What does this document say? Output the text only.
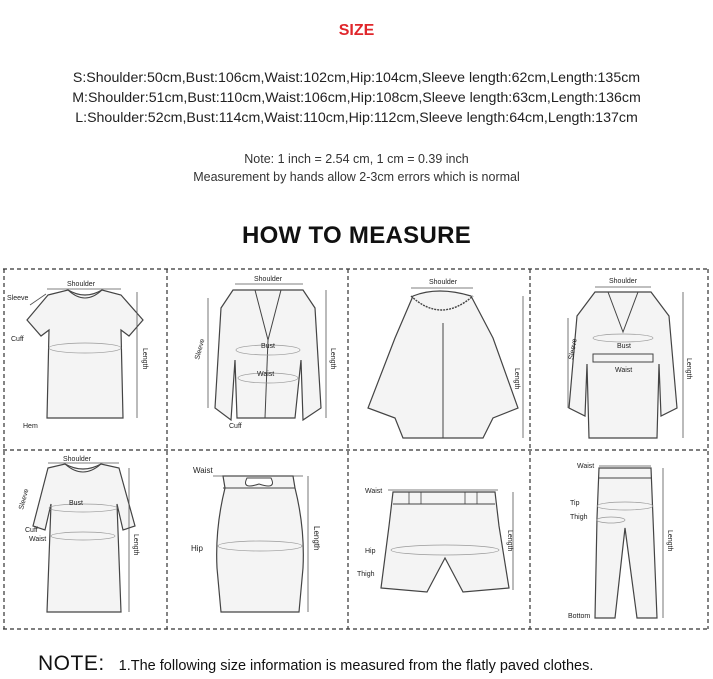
SIZE
S:Shoulder:50cm,Bust:106cm,Waist:102cm,Hip:104cm,Sleeve length:62cm,Length:135cm
M:Shoulder:51cm,Bust:110cm,Waist:106cm,Hip:108cm,Sleeve length:63cm,Length:136cm
L:Shoulder:52cm,Bust:114cm,Waist:110cm,Hip:112cm,Sleeve length:64cm,Length:137cm
Note: 1 inch = 2.54 cm, 1 cm = 0.39 inch
Measurement by hands allow 2-3cm errors which is normal
HOW TO MEASURE
Shoulder
Sleeve
Cuff
Hem
Length
Shoulder
Sleeve	Bust
Waist
Length
Cuff
Shoulder
Length
Shoulder
Sleeve	Bust
Waist	Length
Shoulder
Sleeve	Bust
Cuff
Waist	Length
Waist
Hip	Length
Waist
Hip
Thigh
Length
Waist
Tip
Thigh
Length
Bottom
NOTE: 1.The following size information is measured from the flatly paved clothes.
